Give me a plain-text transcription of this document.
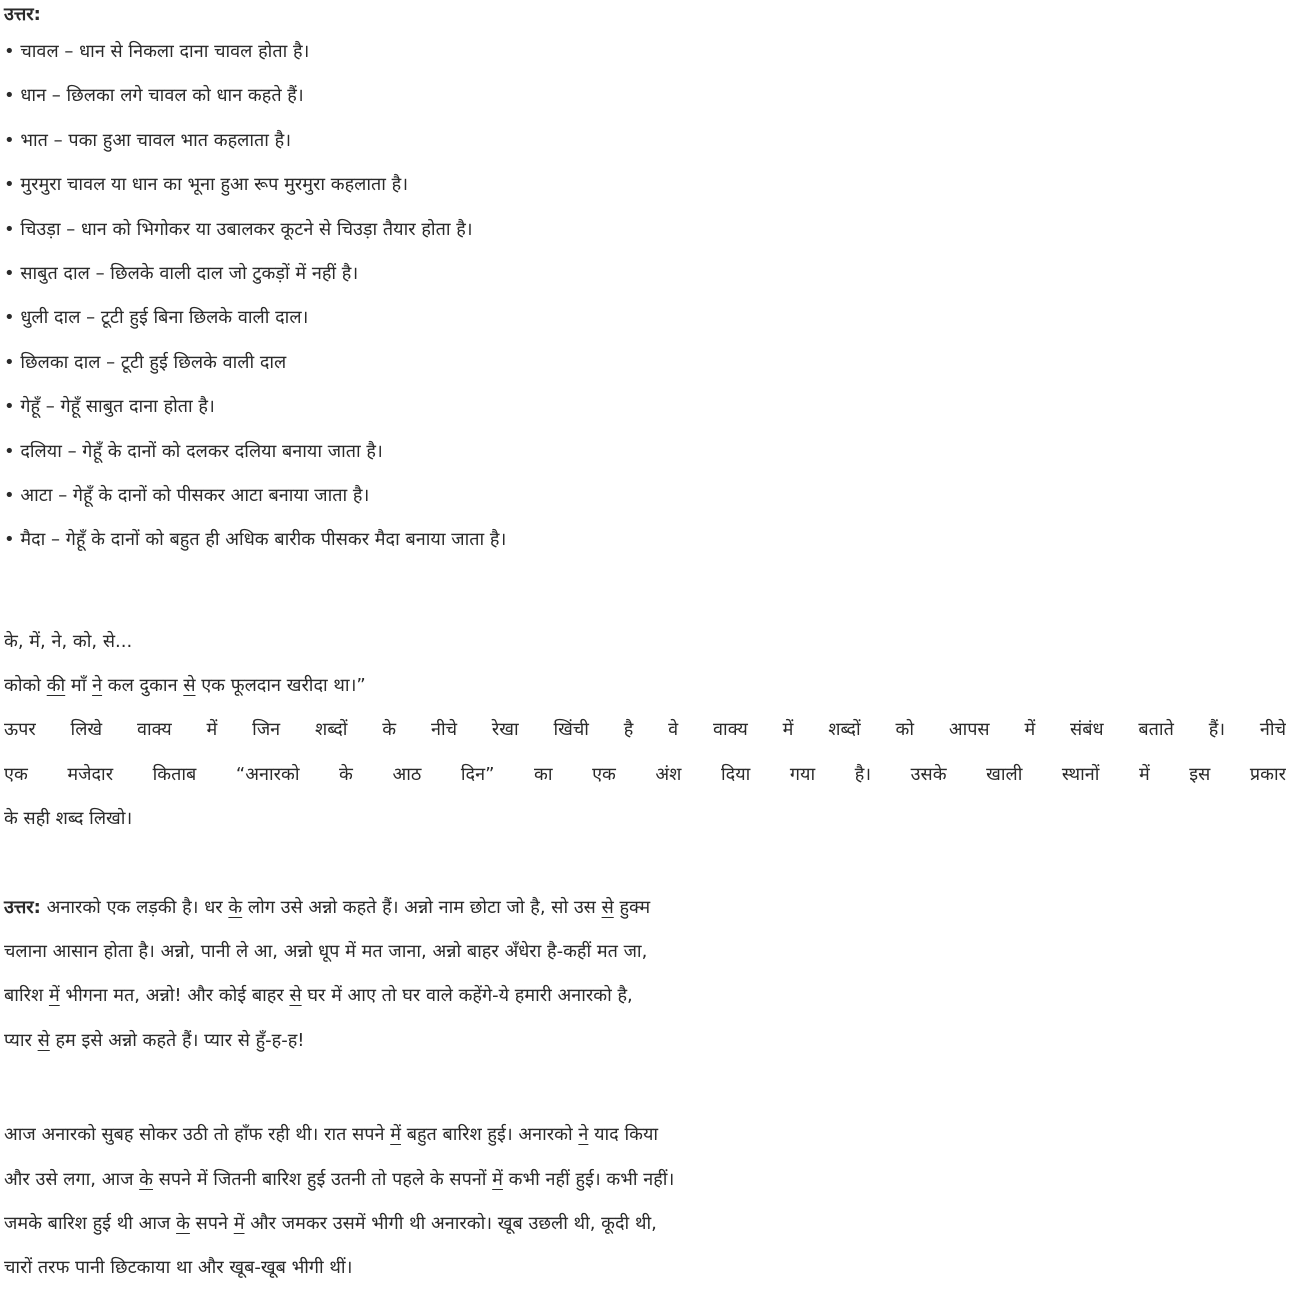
उत्तर:
• चावल – धान से निकला दाना चावल होता है।
• धान – छिलका लगे चावल को धान कहते हैं।
• भात – पका हुआ चावल भात कहलाता है।
• मुरमुरा चावल या धान का भूना हुआ रूप मुरमुरा कहलाता है।
• चिउड़ा – धान को भिगोकर या उबालकर कूटने से चिउड़ा तैयार होता है।
• साबुत दाल – छिलके वाली दाल जो टुकड़ों में नहीं है।
• धुली दाल – टूटी हुई बिना छिलके वाली दाल।
• छिलका दाल – टूटी हुई छिलके वाली दाल
• गेहूँ – गेहूँ साबुत दाना होता है।
• दलिया – गेहूँ के दानों को दलकर दलिया बनाया जाता है।
• आटा – गेहूँ के दानों को पीसकर आटा बनाया जाता है।
• मैदा – गेहूँ के दानों को बहुत ही अधिक बारीक पीसकर मैदा बनाया जाता है।
के, में, ने, को, से...
कोको की माँ ने कल दुकान से एक फूलदान खरीदा था।”
ऊपर लिखे वाक्य में जिन शब्दों के नीचे रेखा खिंची है वे वाक्य में शब्दों को आपस में संबंध बताते हैं। नीचे
एक मजेदार किताब “अनारको के आठ दिन” का एक अंश दिया गया है। उसके खाली स्थानों में इस प्रकार
के सही शब्द लिखो।
उत्तर: अनारको एक लड़की है। धर के लोग उसे अन्नो कहते हैं। अन्नो नाम छोटा जो है, सो उस से हुक्म
चलाना आसान होता है। अन्नो, पानी ले आ, अन्नो धूप में मत जाना, अन्नो बाहर अँधेरा है-कहीं मत जा,
बारिश में भीगना मत, अन्नो! और कोई बाहर से घर में आए तो घर वाले कहेंगे-ये हमारी अनारको है,
प्यार से हम इसे अन्नो कहते हैं। प्यार से हुँ-ह-ह!
आज अनारको सुबह सोकर उठी तो हाँफ रही थी। रात सपने में बहुत बारिश हुई। अनारको ने याद किया
और उसे लगा, आज के सपने में जितनी बारिश हुई उतनी तो पहले के सपनों में कभी नहीं हुई। कभी नहीं।
जमके बारिश हुई थी आज के सपने में और जमकर उसमें भीगी थी अनारको। खूब उछली थी, कूदी थी,
चारों तरफ पानी छिटकाया था और खूब-खूब भीगी थीं।
